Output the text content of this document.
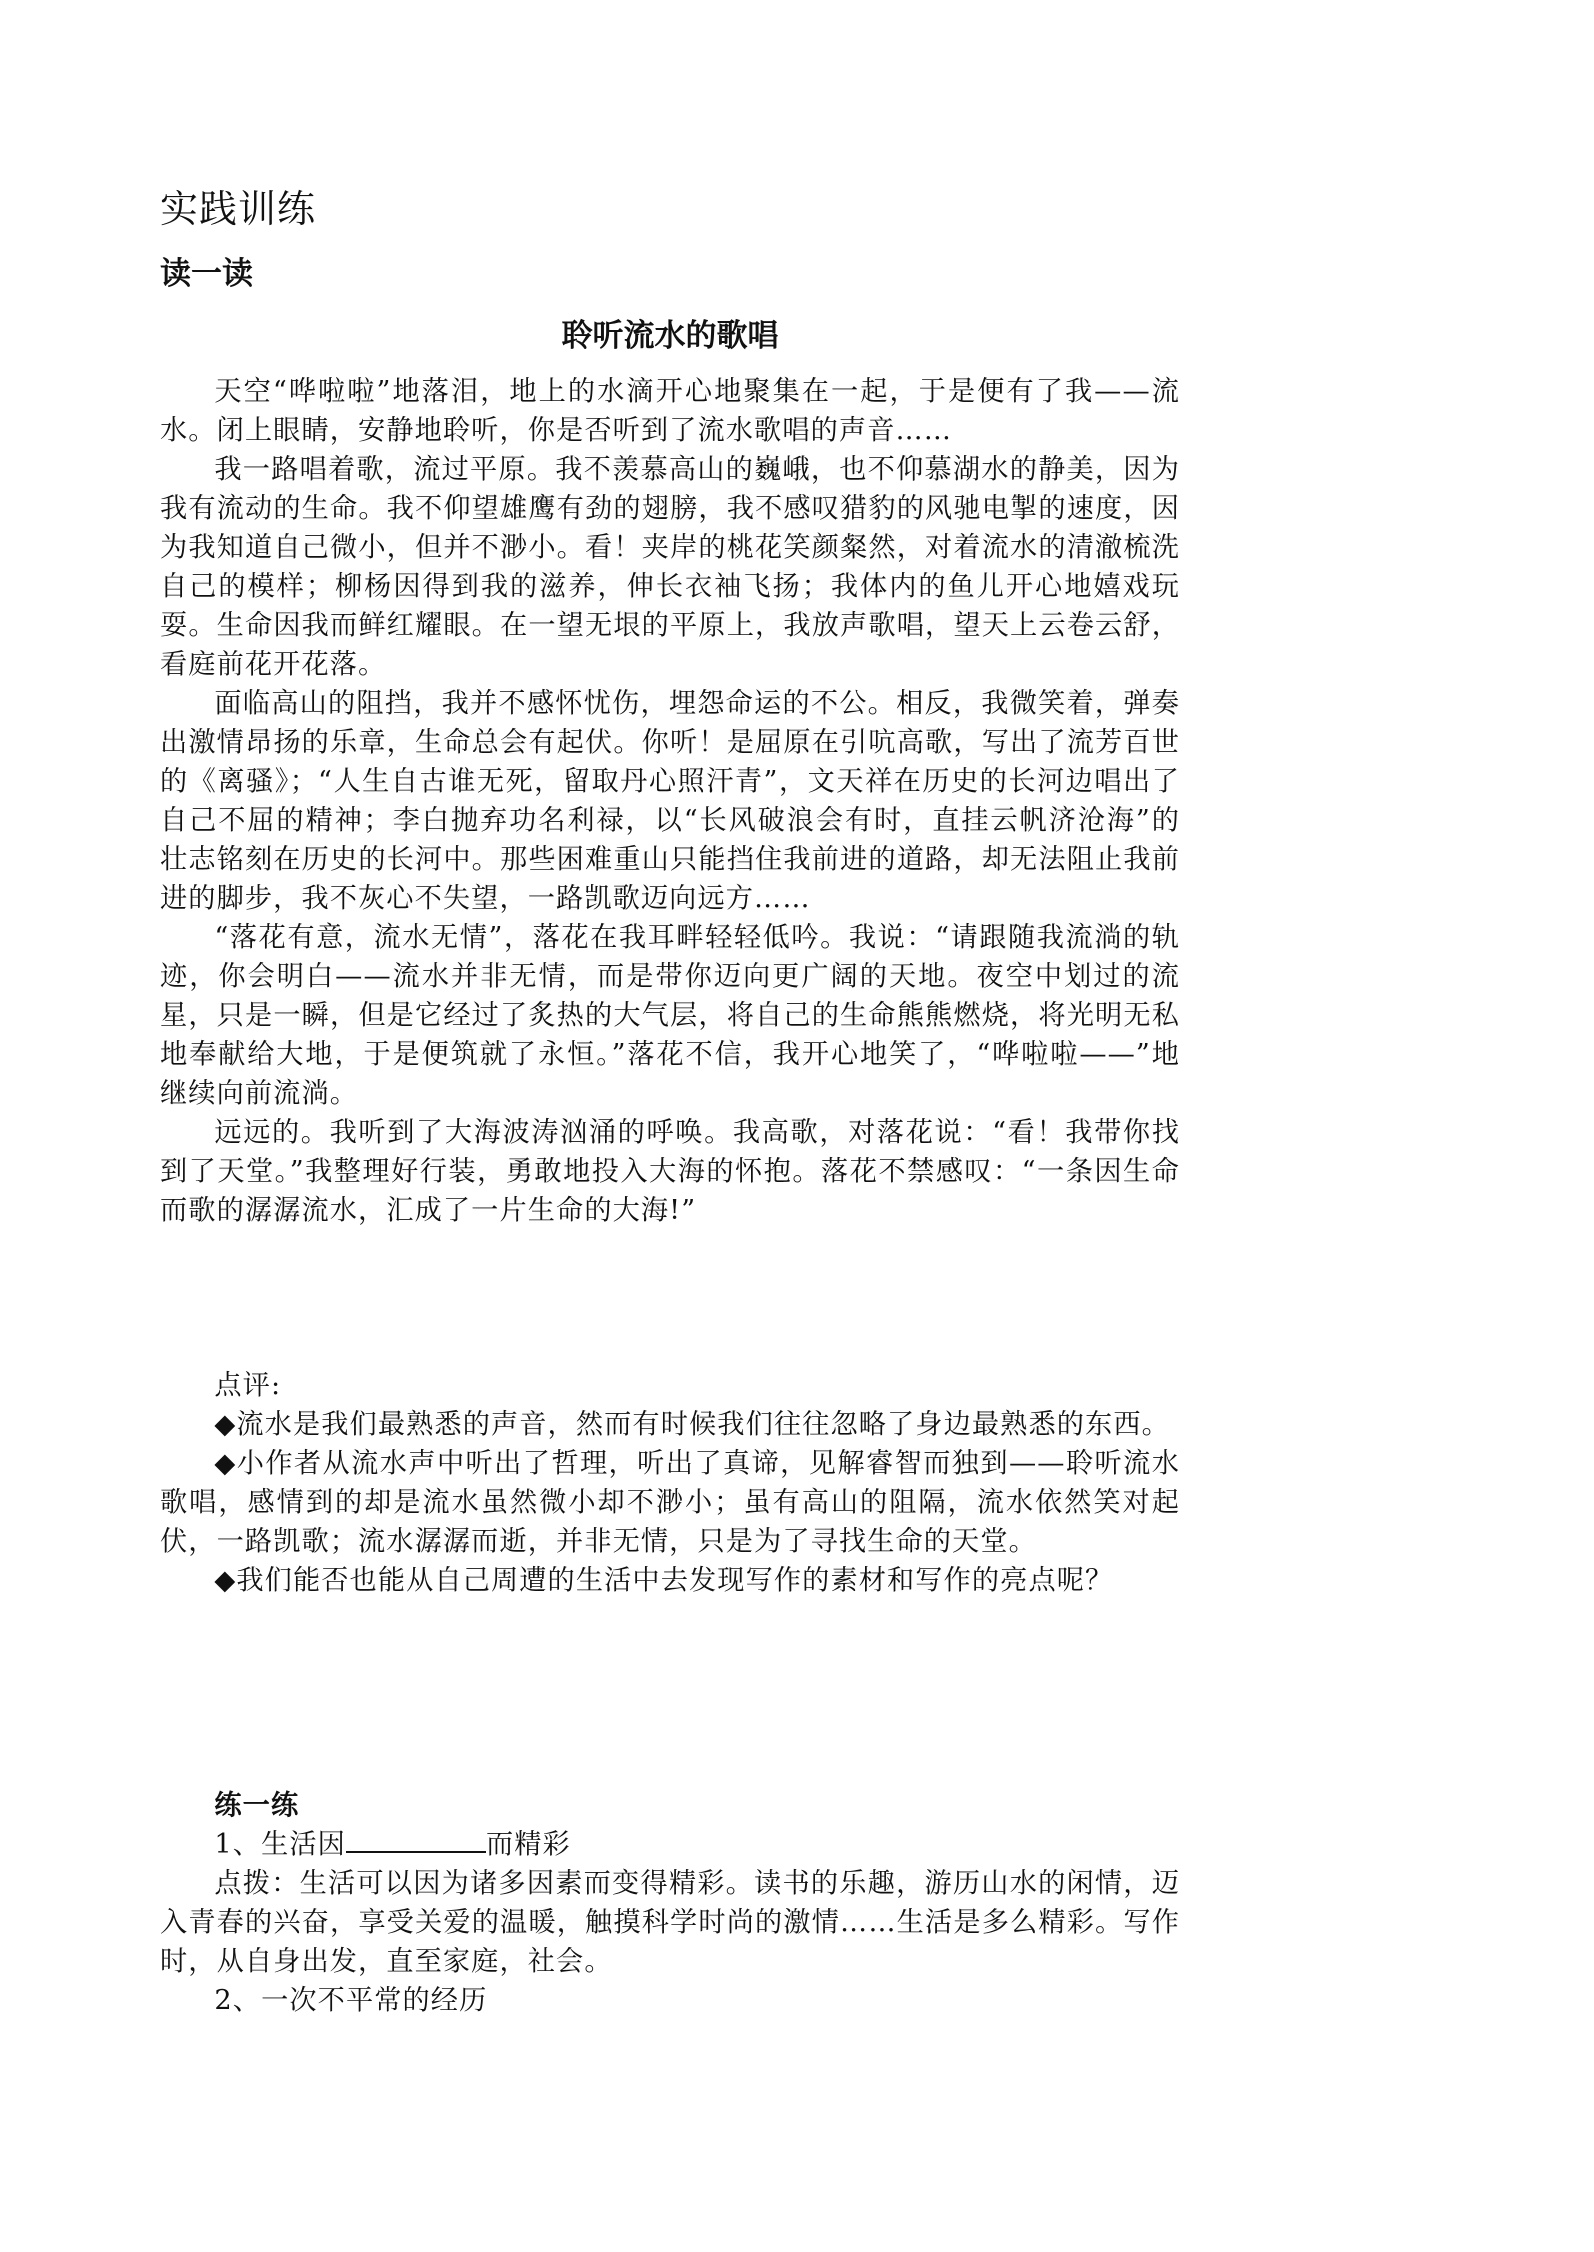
实践训练
读一读
聆听流水的歌唱

天空“哗啦啦”地落泪，地上的水滴开心地聚集在一起，于是便有了我——流水。闭上眼睛，安静地聆听，你是否听到了流水歌唱的声音……

我一路唱着歌，流过平原。我不羡慕高山的巍峨，也不仰慕湖水的静美，因为我有流动的生命。我不仰望雄鹰有劲的翅膀，我不感叹猎豹的风驰电掣的速度，因为我知道自己微小，但并不渺小。看！夹岸的桃花笑颜粲然，对着流水的清澈梳洗自己的模样；柳杨因得到我的滋养，伸长衣袖飞扬；我体内的鱼儿开心地嬉戏玩耍。生命因我而鲜红耀眼。在一望无垠的平原上，我放声歌唱，望天上云卷云舒，看庭前花开花落。

面临高山的阻挡，我并不感怀忧伤，埋怨命运的不公。相反，我微笑着，弹奏出激情昂扬的乐章，生命总会有起伏。你听！是屈原在引吭高歌，写出了流芳百世的《离骚》；“人生自古谁无死，留取丹心照汗青”，文天祥在历史的长河边唱出了自己不屈的精神；李白抛弃功名利禄，以“长风破浪会有时，直挂云帆济沧海”的壮志铭刻在历史的长河中。那些困难重山只能挡住我前进的道路，却无法阻止我前进的脚步，我不灰心不失望，一路凯歌迈向远方……

“落花有意，流水无情”，落花在我耳畔轻轻低吟。我说：“请跟随我流淌的轨迹，你会明白——流水并非无情，而是带你迈向更广阔的天地。夜空中划过的流星，只是一瞬，但是它经过了炙热的大气层，将自己的生命熊熊燃烧，将光明无私地奉献给大地，于是便筑就了永恒。”落花不信，我开心地笑了，“哗啦啦——”地继续向前流淌。

远远的。我听到了大海波涛汹涌的呼唤。我高歌，对落花说：“看！我带你找到了天堂。”我整理好行装，勇敢地投入大海的怀抱。落花不禁感叹：“一条因生命而歌的潺潺流水，汇成了一片生命的大海!”

点评:

◆流水是我们最熟悉的声音，然而有时候我们往往忽略了身边最熟悉的东西。

◆小作者从流水声中听出了哲理，听出了真谛，见解睿智而独到——聆听流水歌唱，感情到的却是流水虽然微小却不渺小；虽有高山的阻隔，流水依然笑对起伏，一路凯歌；流水潺潺而逝，并非无情，只是为了寻找生命的天堂。

◆我们能否也能从自己周遭的生活中去发现写作的素材和写作的亮点呢？

练一练

1、生活因	而精彩

点拨：生活可以因为诸多因素而变得精彩。读书的乐趣，游历山水的闲情，迈入青春的兴奋，享受关爱的温暖，触摸科学时尚的激情……生活是多么精彩。写作时，从自身出发，直至家庭，社会。

2、一次不平常的经历
